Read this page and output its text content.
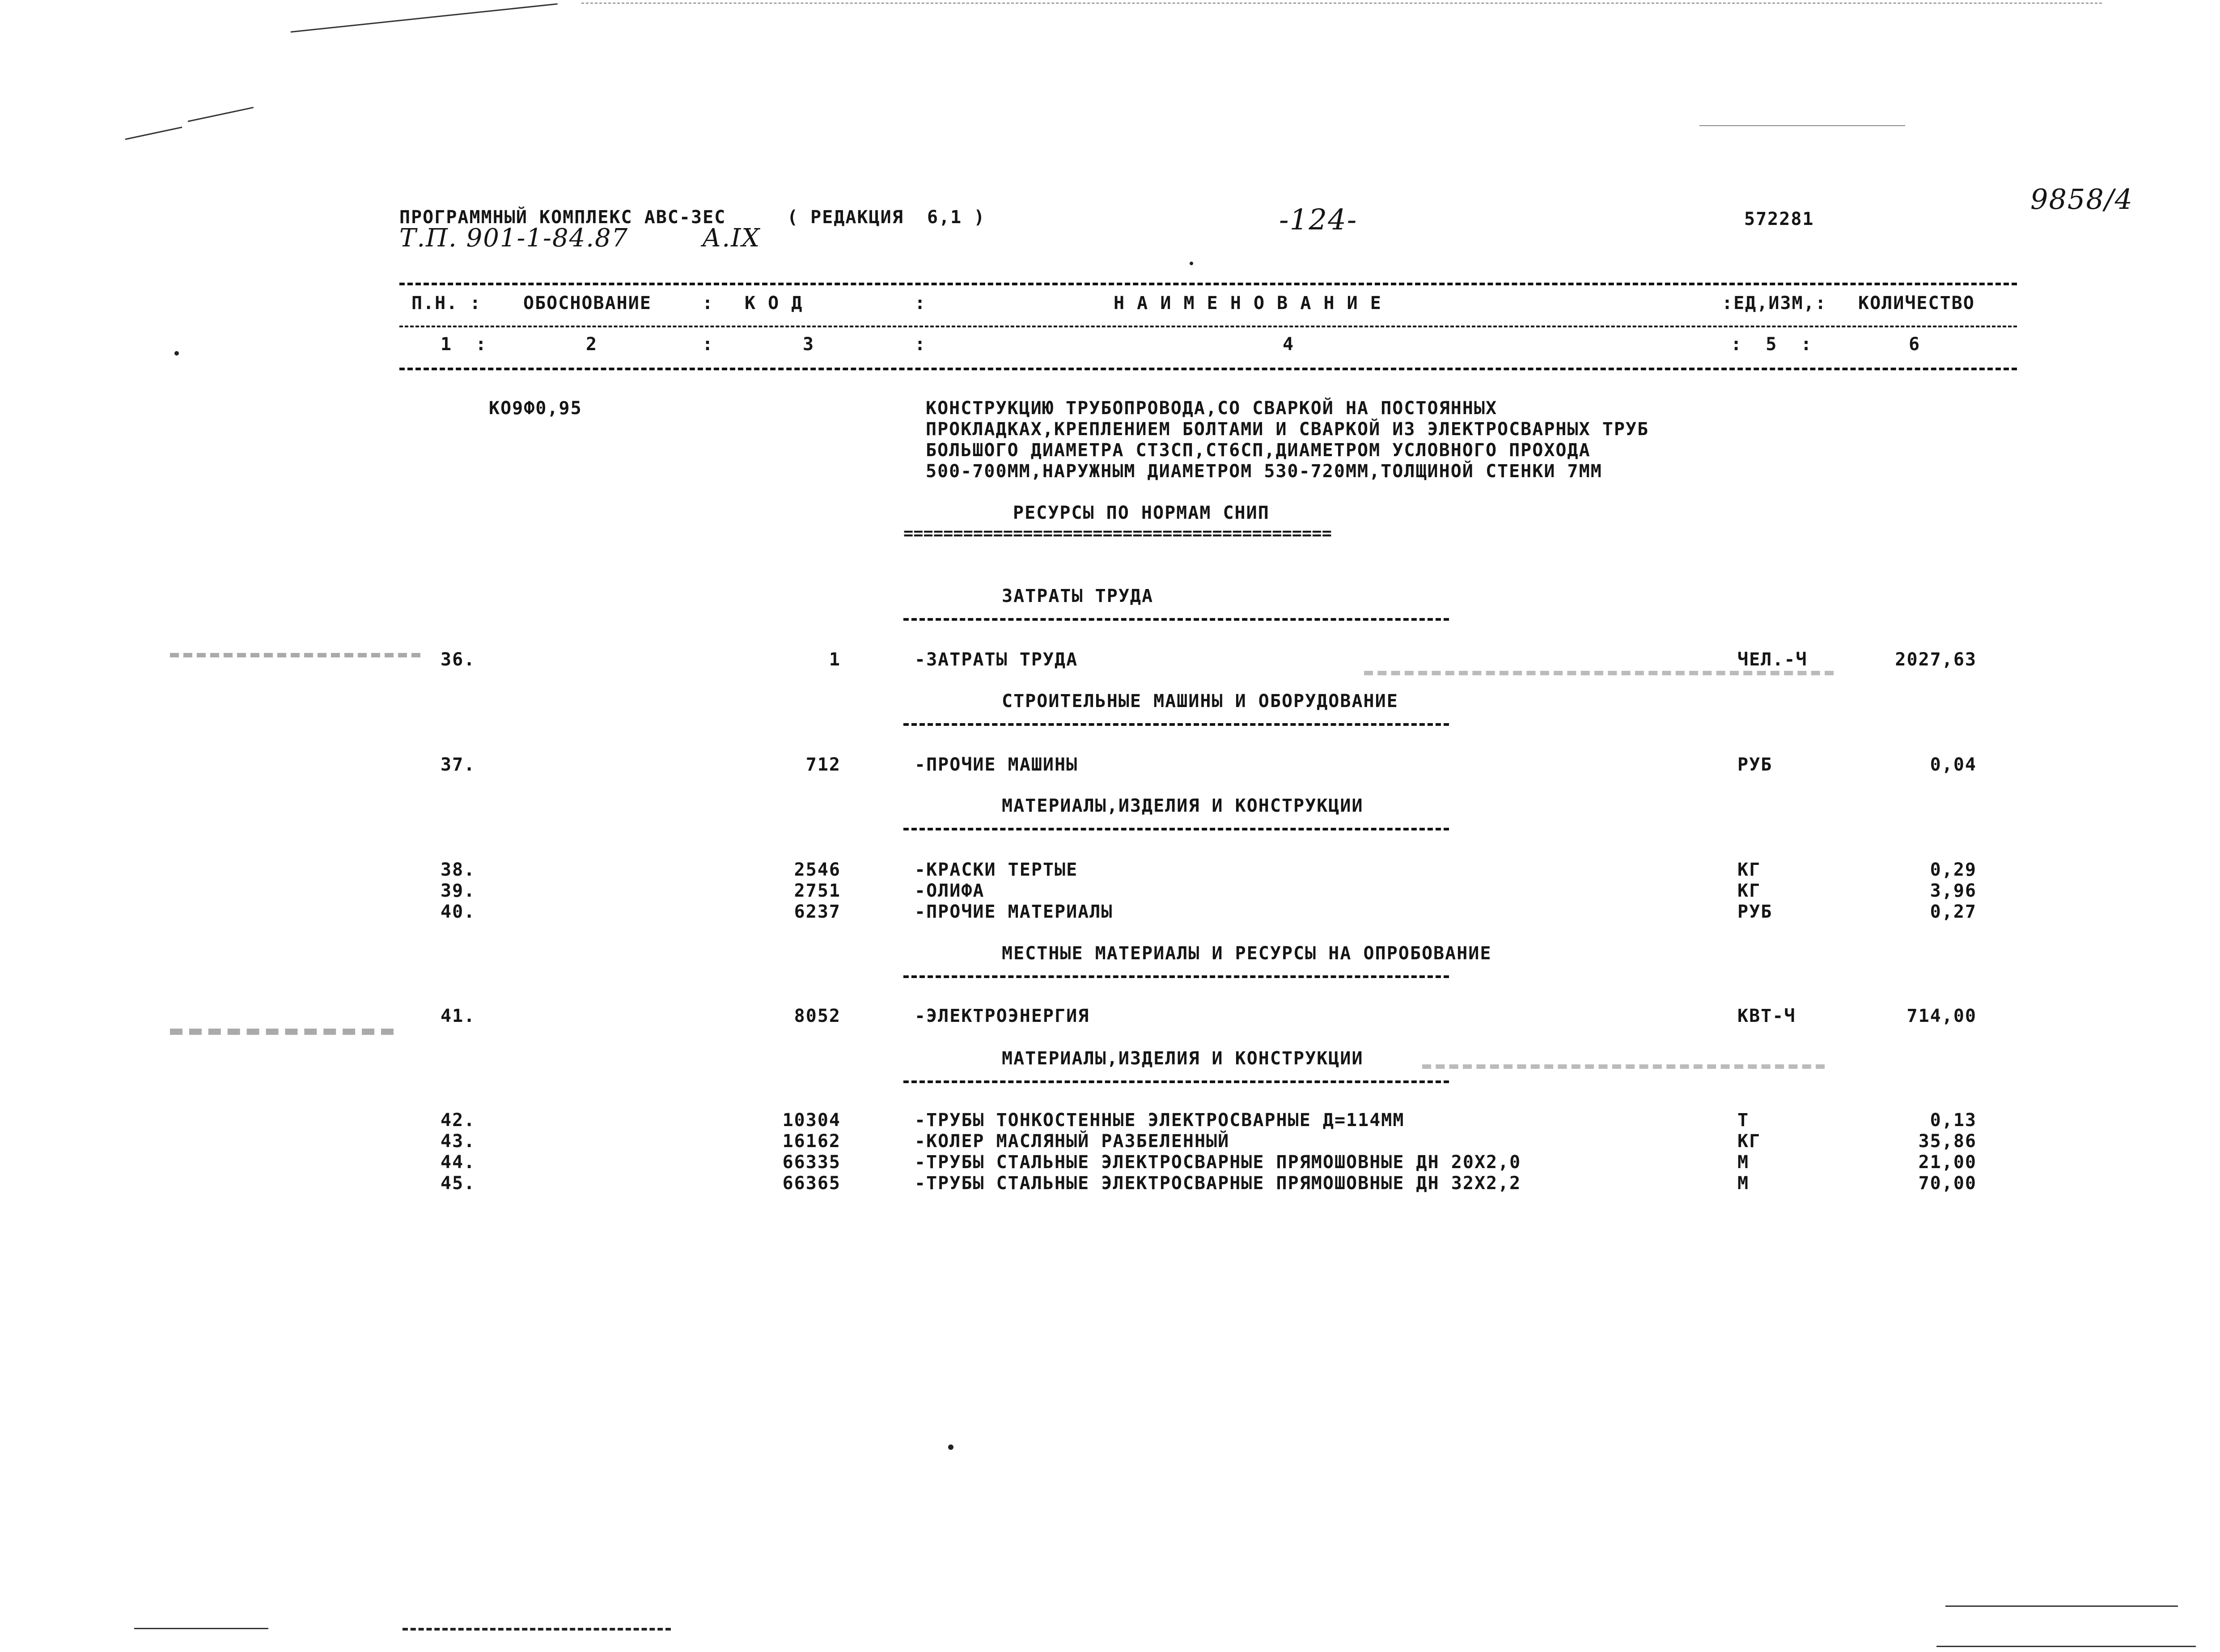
ПРОГРАММНЫЙ КОМПЛЕКС АВС-3ЕС	( РЕДАКЦИЯ  6,1 )
Т.П. 901-1-84.87	А.IX
-124-	572281
9858/4
П.Н. : ОБОСНОВАНИЕ	: К О Д	:	Н А И М Е Н О В А Н И Е	:ЕД,ИЗМ,: КОЛИЧЕСТВО
1  :	2	:	3	:	4	:  5  :	6
КО9Ф0,95	КОНСТРУКЦИЮ ТРУБОПРОВОДА,СО СВАРКОЙ НА ПОСТОЯННЫХ
ПРОКЛАДКАХ,КРЕПЛЕНИЕМ БОЛТАМИ И СВАРКОЙ ИЗ ЭЛЕКТРОСВАРНЫХ ТРУБ
БОЛЬШОГО ДИАМЕТРА СТ3СП,СТ6СП,ДИАМЕТРОМ УСЛОВНОГО ПРОХОДА
500-700ММ,НАРУЖНЫМ ДИАМЕТРОМ 530-720ММ,ТОЛЩИНОЙ СТЕНКИ 7ММ
РЕСУРСЫ ПО НОРМАМ СНИП
===========================================
ЗАТРАТЫ ТРУДА
36.	1	-ЗАТРАТЫ ТРУДА	ЧЕЛ.-Ч	2027,63
СТРОИТЕЛЬНЫЕ МАШИНЫ И ОБОРУДОВАНИЕ
37.	712	-ПРОЧИЕ МАШИНЫ	РУБ	0,04
МАТЕРИАЛЫ,ИЗДЕЛИЯ И КОНСТРУКЦИИ
38.	2546	-КРАСКИ ТЕРТЫЕ	КГ	0,29
39.	2751	-ОЛИФА	КГ	3,96
40.	6237	-ПРОЧИЕ МАТЕРИАЛЫ	РУБ	0,27
МЕСТНЫЕ МАТЕРИАЛЫ И РЕСУРСЫ НА ОПРОБОВАНИЕ
41.	8052	-ЭЛЕКТРОЭНЕРГИЯ	КВТ-Ч	714,00
МАТЕРИАЛЫ,ИЗДЕЛИЯ И КОНСТРУКЦИИ
42.	10304	-ТРУБЫ ТОНКОСТЕННЫЕ ЭЛЕКТРОСВАРНЫЕ Д=114ММ	Т	0,13
43.	16162	-КОЛЕР МАСЛЯНЫЙ РАЗБЕЛЕННЫЙ	КГ	35,86
44.	66335	-ТРУБЫ СТАЛЬНЫЕ ЭЛЕКТРОСВАРНЫЕ ПРЯМОШОВНЫЕ ДН 20Х2,0	М	21,00
45.	66365	-ТРУБЫ СТАЛЬНЫЕ ЭЛЕКТРОСВАРНЫЕ ПРЯМОШОВНЫЕ ДН 32Х2,2	М	70,00
